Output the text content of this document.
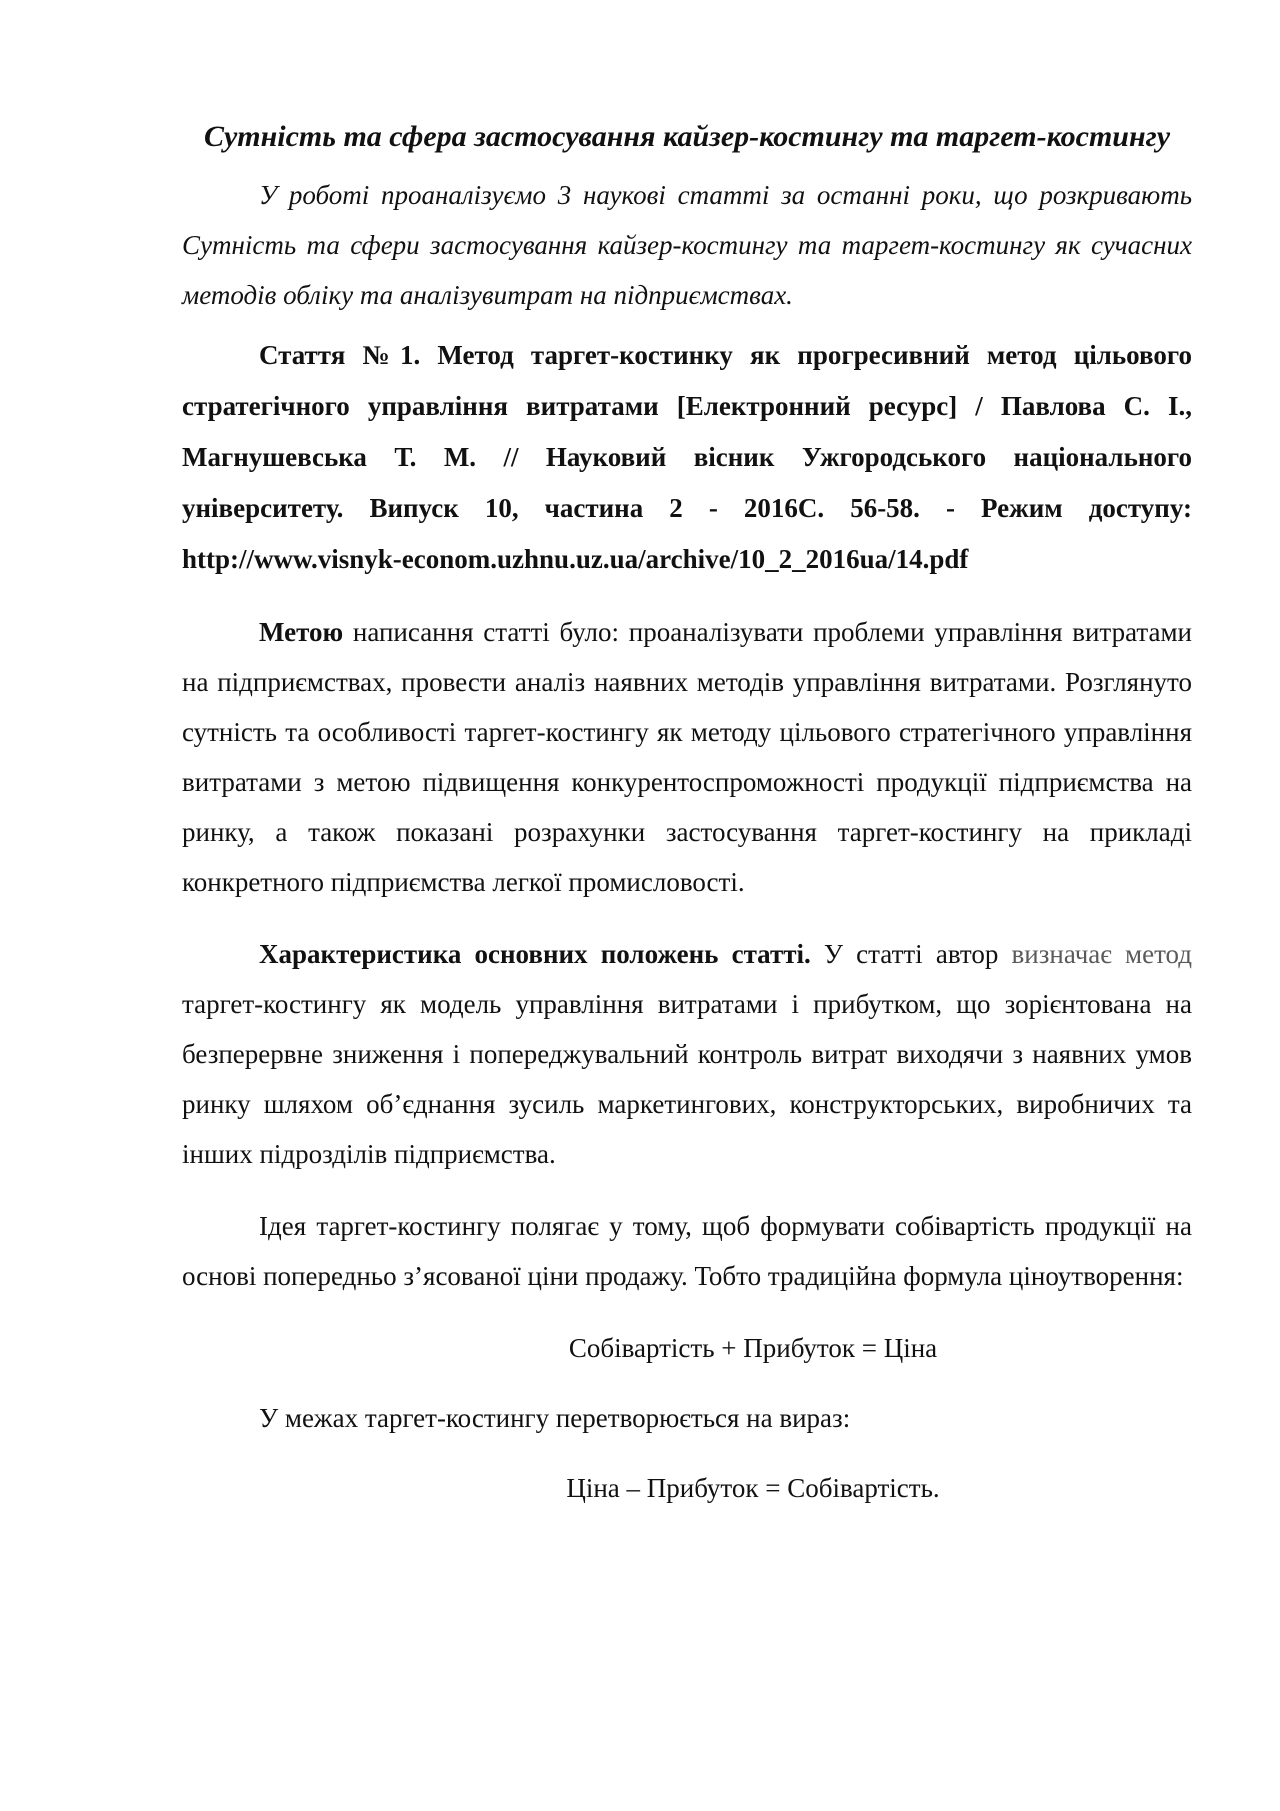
Сутність та сфера застосування кайзер-костингу та таргет-костингу

У роботі проаналізуємо 3 наукові статті за останні роки, що розкривають Сутність та сфери застосування кайзер-костингу та таргет-костингу як сучасних методів обліку та аналізувитрат на підприємствах.

Стаття №1. Метод таргет-костинку як прогресивний метод цільового стратегічного управління витратами [Електронний ресурс] / Павлова С. І., Магнушевська Т. М. // Науковий вісник Ужгородського національного університету. Випуск 10, частина 2 - 2016С. 56-58. - Режим доступу: http://www.visnyk-econom.uzhnu.uz.ua/archive/10_2_2016ua/14.pdf

Метою написання статті було: проаналізувати проблеми управління витратами на підприємствах, провести аналіз наявних методів управління витратами. Розглянуто сутність та особливості таргет-костингу як методу цільового стратегічного управління витратами з метою підвищення конкурентоспроможності продукції підприємства на ринку, а також показані розрахунки застосування таргет-костингу на прикладі конкретного підприємства легкої промисловості.

Характеристика основних положень статті. У статті автор визначає метод таргет-костингу як модель управління витратами і прибутком, що зорієнтована на безперервне зниження і попереджувальний контроль витрат виходячи з наявних умов ринку шляхом об’єднання зусиль маркетингових, конструкторських, виробничих та інших підрозділів підприємства.

Ідея таргет-костингу полягає у тому, щоб формувати собівартість продукції на основі попередньо з’ясованої ціни продажу. Тобто традиційна формула ціноутворення:

Собівартість + Прибуток = Ціна

У межах таргет-костингу перетворюється на вираз:

Ціна – Прибуток = Собівартість.
